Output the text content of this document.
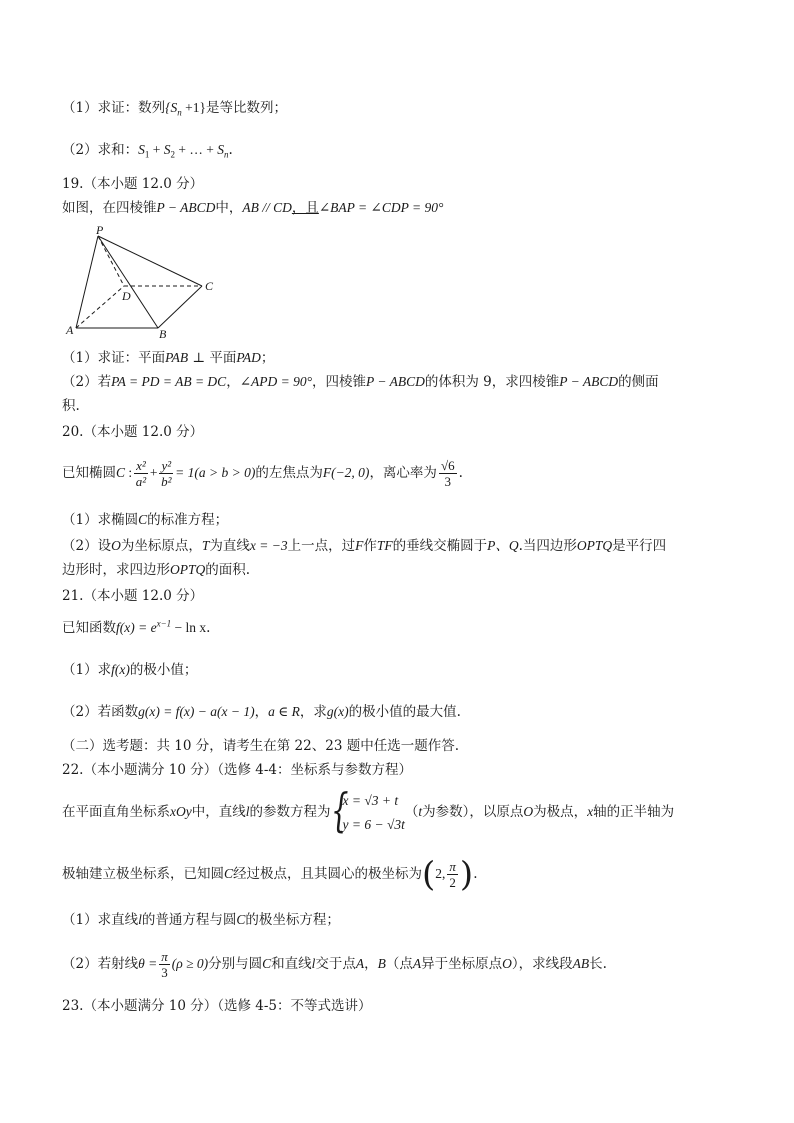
（1）求证：数列$\{S_n +1\}$是等比数列；
（2）求和：$S_1 + S_2$ + … + $S_n$.
19.（本小题 12.0 分）
如图，在四棱锥P − ABCD中，AB // CD，且∠BAP = ∠CDP = 90°
P
D
C
A	B
（1）求证：平面PAB ⊥ 平面PAD；
（2）若PA = PD = AB = DC，∠APD = 90°，四棱锥P − ABCD的体积为 9，求四棱锥P − ABCD的侧面
积.
20.（本小题 12.0 分）
已知椭圆C : $\frac{\text{x²}}{\text{a²}} + \frac{\text{y²}}{\text{b²}} = 1(a > b > 0)$的左焦点为F(−2, 0)，离心率为 $\frac{√6}{3}$ .
（1）求椭圆C的标准方程；
（2）设O为坐标原点，T为直线x = −3上一点，过F作TF的垂线交椭圆于P、Q.当四边形OPTQ是平行四
边形时，求四边形OPTQ的面积.
21.（本小题 12.0 分）
已知函数$f(x) = e^{x-1} - \ln x$.
（1）求f(x)的极小值；
（2）若函数g(x) = f(x) − a(x − 1)，a ∈ R，求g(x)的极小值的最大值.
（二）选考题：共 10 分，请考生在第 22、23 题中任选一题作答.
22.（本小题满分 10 分）（选修 4-4：坐标系与参数方程）
在平面直角坐标系xOy中，直线l的参数方程为 {
x = √3 + t
y = 6 − √3t
（t为参数），以原点O为极点，x轴的正半轴为
极轴建立极坐标系，已知圆C经过极点，且其圆心的极坐标为(2, $\frac{\pi}{2}$ ).
（1）求直线l的普通方程与圆C的极坐标方程；
（2）若射线$\theta = \frac{\pi}{3} (\rho \ge 0)$分别与圆C和直线l交于点A，B（点A异于坐标原点O），求线段AB长.
23.（本小题满分 10 分）（选修 4-5：不等式选讲）
